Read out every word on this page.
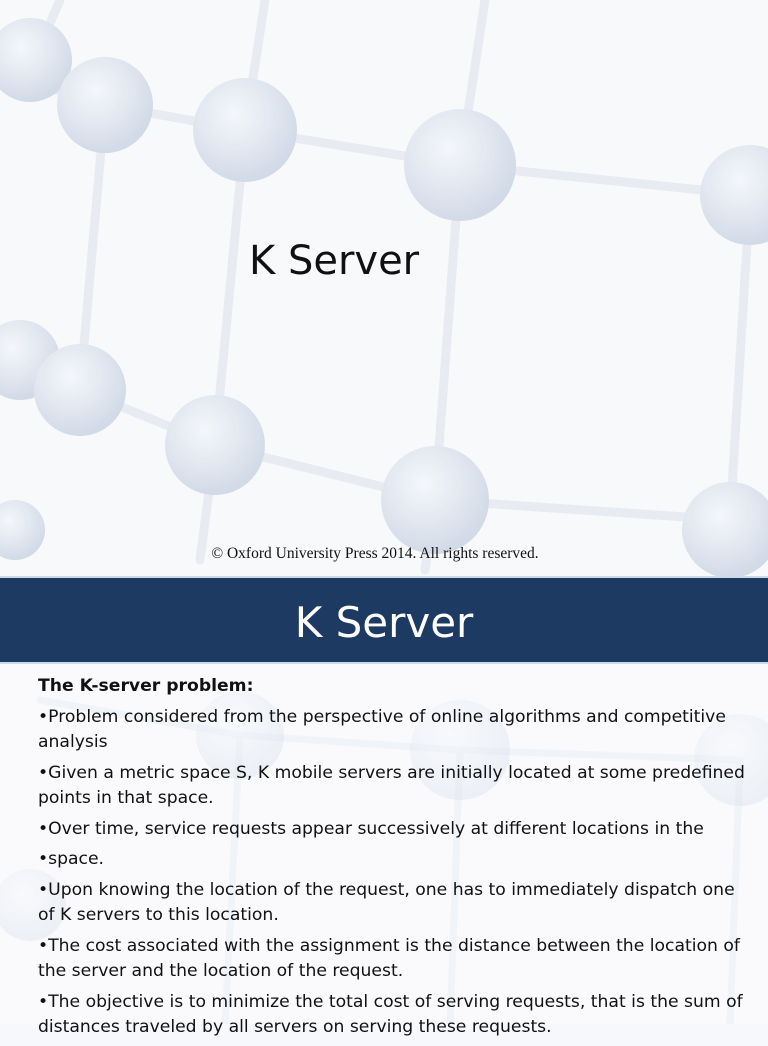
K Server
© Oxford University Press 2014. All rights reserved.
K Server
The K-server problem:
•Problem considered from the perspective of online algorithms and competitive analysis
•Given a metric space S, K mobile servers are initially located at some predefined points in that space.
•Over time, service requests appear successively at different locations in the
•space.
•Upon knowing the location of the request, one has to immediately dispatch one of K servers to this location.
•The cost associated with the assignment is the distance between the location of the server and the location of the request.
•The objective is to minimize the total cost of serving requests, that is the sum of distances traveled by all servers on serving these requests.
